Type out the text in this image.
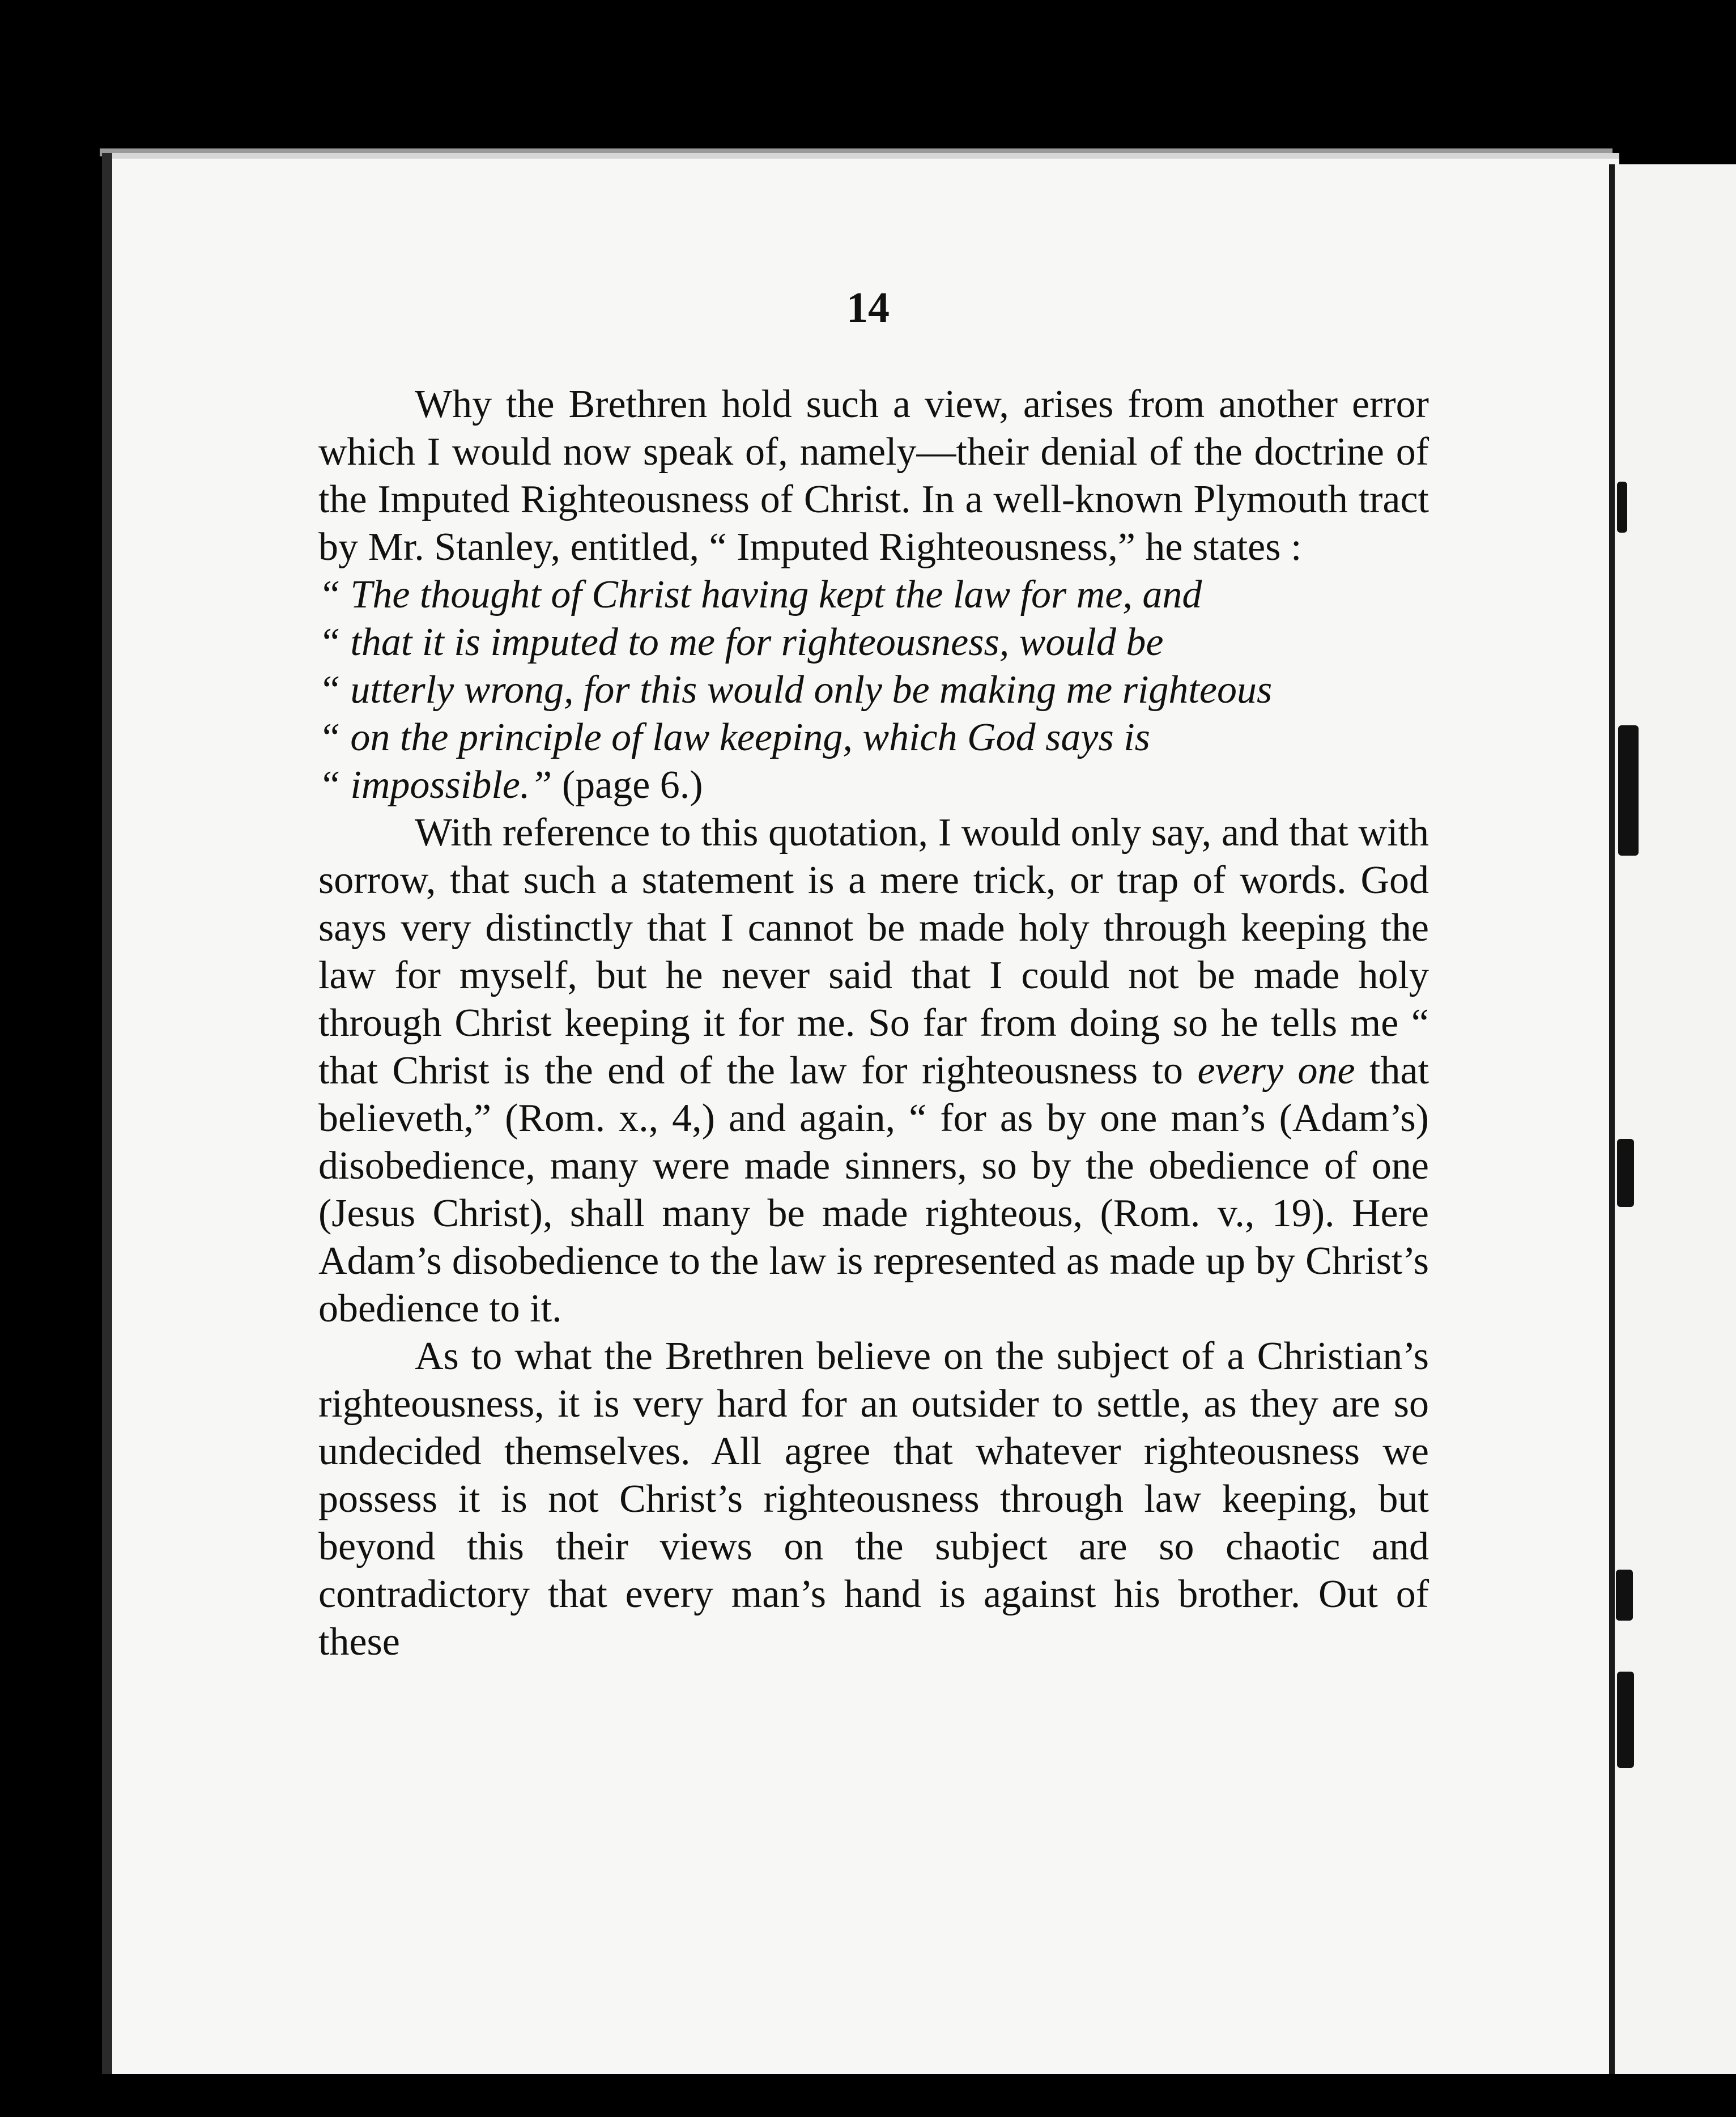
14

Why the Brethren hold such a view, arises from another error which I would now speak of, namely—their denial of the doctrine of the Imputed Righteousness of Christ. In a well-known Plymouth tract by Mr. Stanley, entitled, “ Imputed Righteousness,” he states :
“ The thought of Christ having kept the law for me, and
“ that it is imputed to me for righteousness, would be
“ utterly wrong, for this would only be making me righteous
“ on the principle of law keeping, which God says is
“ impossible.” (page 6.)

With reference to this quotation, I would only say, and that with sorrow, that such a statement is a mere trick, or trap of words. God says very distinctly that I cannot be made holy through keeping the law for myself, but he never said that I could not be made holy through Christ keeping it for me. So far from doing so he tells me “ that Christ is the end of the law for righteousness to every one that believeth,” (Rom. x., 4,) and again, “ for as by one man’s (Adam’s) disobedience, many were made sinners, so by the obedience of one (Jesus Christ), shall many be made righteous, (Rom. v., 19). Here Adam’s disobedience to the law is represented as made up by Christ’s obedience to it.

As to what the Brethren believe on the subject of a Christian’s righteousness, it is very hard for an outsider to settle, as they are so undecided themselves. All agree that whatever righteousness we possess it is not Christ’s righteousness through law keeping, but beyond this their views on the subject are so chaotic and contradictory that every man’s hand is against his brother. Out of these
